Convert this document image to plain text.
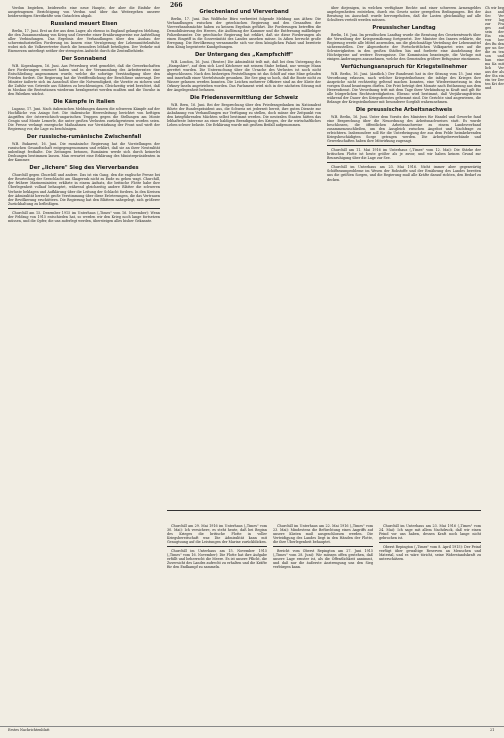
266

Verdun begieben, beiderselts eine neue Haupte, der aber die Einfuhr der ausgetragenen Berichtigung von Verdun und über das Weitergehen unserer beiderseitigen Streitkräfte sein Gutachten abgab.

Russland meuert Eisen

Berlin, 17. Juni. Erst an der aus dem Lager, als ebenso in England gelangten Meldung, die den Zusammenhang von Krieg und Gewerbe einer Ernährungsweise zur Aufstellung aller Verbindungen. Das Ergebnis der Verhandlungen über den Ausbau der schwerindustriellen Forderung im Innern eine Verzögerung der Lebensmittelzufuhr, wobei sich die Volksvertreter durch die besonders lebhaft beteiligten. Der Verkehr mit Eisenerzen unterliegt seither der strengsten Aufsicht durch die Zentralbehörde.

Der Sonnabend

W.B. Kopenhagen, 16. Juni. Aus Petersburg wird gemeldet, daß die Gewerkschaften ihre Forderungen erneuert haben und in der Versammlung des Arbeiterrates eine Entschließung angenommen wurde, welche die sofortige Verständigung über den Frieden fordert. Die Regierung hat die Veröffentlichung der Beschlüsse untersagt. Der Minister äußerte sich im Ausschuß über die Notwendigkeit, die Vorräte zu sichern und die Zufuhr von Getreide aus Sibirien zu beschleunigen. Gleichzeitig wird berichtet, daß in Moskau die Brotrationen wiederum herabgesetzt werden mußten und die Unruhe in den Fabriken wächst.

Die Kämpfe in Italien

Lugano, 17. Juni. Nach italienischen Meldungen dauern die schweren Kämpfe auf der Hochfläche von Asiago fort. Die italienische Heeresleitung berichtet von heftigen Angriffen der österreichisch-ungarischen Truppen gegen die Stellungen am Monte Cengio und Monte Lemerle, die unter großen Verlusten zurückgewiesen worden seien. Die Presse verlangt energische Maßnahmen zur Verstärkung der Front und wirft der Regierung vor, die Lage zu beschönigen.

Der russische-rumänische Zwischenfall

W.B. Bukarest, 16. Juni. Die rumänische Regierung hat die Vorstellungen der russischen Gesandtschaft entgegengenommen und erklärt, daß sie an ihrer Neutralität unbedingt festhalte. Die Zeitungen betonen, Rumänien werde sich durch keinerlei Drohungen bestimmen lassen. Man erwartet eine Erklärung des Ministerpräsidenten in der Kammer.

Der „lichere" Sieg des Vierverbandes

Churchill gegen Churchill und andere. Das ist ein Gang, den die englische Presse bei der Beurteilung der Seeschlacht am Skagerrak nicht zu Ende zu gehen wagt. Churchill, der frühere Marineminister, erklärte in einem Aufsatz, die britische Flotte habe ihre Überlegenheit vollauf behauptet, während gleichzeitig andere Blätter die schweren Verluste beklagen und Aufklärung über die Leitung der Schlacht fordern. In den Kreisen der Admiralität herrscht große Verstimmung über diese Erörterungen, die das Vertrauen der Bevölkerung erschüttern. Die Regierung hat den Blättern nahegelegt, sich größerer Zurückhaltung zu befleißigen.

Churchill am 15. Dezember 1915 im Unterhaus („Times" vom 16. November): Wenn der Feldzug von 1915 entschieden hat, so werden wir den Krieg noch lange fortsetzen müssen, und die Opfer, die uns auferlegt werden, übersteigen alles bisher Gekannte.

Griechenland und Vierverband

Berlin, 17. Juni. Das Wolffsche Büro verbreitet folgende Meldung aus Athen: Die Verhandlungen zwischen der griechischen Regierung und den Gesandten der Vierverbandsmächte haben zu keinem Ergebnis geführt. Die Forderungen betreffen die Demobilisierung des Heeres, die Auflösung der Kammer und die Entfernung mißliebiger Polizeibeamter. Die griechische Regierung hat erklärt, daß sie diese Forderungen als einen Eingriff in die Souveränität des Landes ansehen müsse. In Athen herrscht große Erregung. Die Bevölkerung versammelte sich vor dem königlichen Palast und bereitete dem König begeisterte Kundgebungen.

Der Untergang des „Kampfschiff"

W.B. London, 16. Juni. (Reuter.) Die Admiralität teilt mit, daß bei dem Untergang des „Hampshire", auf dem sich Lord Kitchener mit seinem Stabe befand, nur wenige Mann gerettet wurden. Die Untersuchung über die Ursache des Verlustes ist noch nicht abgeschlossen. Nach den bisherigen Feststellungen ist das Schiff auf eine Mine gelaufen und innerhalb einer Viertelstunde gesunken. Die See ging so hoch, daß die Boote nicht zu Wasser gelassen werden konnten. Die Leichen mehrerer Offiziere sind an der Küste der Orkney-Inseln angetrieben worden. Das Parlament wird sich in der nächsten Sitzung mit der Angelegenheit befassen.

Die Friedensvermittlung der Schweiz

W.B. Bern, 16. Juni. Bei der Besprechung über den Friedensgedanken im Nationalrat führte der Bundespräsident aus, die Schweiz sei jederzeit bereit, ihre guten Dienste zur Anbahnung von Verhandlungen zur Verfügung zu stellen, doch müsse der Zeitpunkt von den kriegführenden Mächten selbst bestimmt werden. Die neutralen Staaten hätten das lebhafteste Interesse an einer baldigen Beendigung des Krieges, der ihr wirtschaftliches Leben schwer belaste. Die Erklärung wurde mit großem Beifall aufgenommen.

über diejenigen, in welchen verfügbare Rechte und einer schweren Armengeldes angelegenheiten entstehen, durch ein Gesetz unter geregelten Bedingungen. Bei der Beratung im Ausschuß wurde hervorgehoben, daß die Lasten gleichmäßig auf alle Schultern verteilt werden müssen.

Preussischer Landtag

Berlin, 16. Juni. Im preußischen Landtag wurde die Beratung des Gesetzentwurfs über die Verwaltung der Kriegsernährung fortgesetzt. Der Minister des Innern erklärte, die Regierung werde alle Mittel anwenden, um die gleichmäßige Verteilung der Lebensmittel sicherzustellen. Der Abgeordnete der Fortschrittlichen Volkspartei wies auf die Schwierigkeiten in den großen Städten hin und forderte eine Ausdehnung der Höchstpreise auf weitere Erzeugnisse. Die Kommission beantragte, die Vorlage mit einigen Änderungen anzunehmen, welche den Gemeinden größere Befugnisse einräumen.

Verfüchungsanspruch für Kriegsteilnehmer

W.B. Berlin, 16. Juni. (Amtlich.) Der Bundesrat hat in der Sitzung vom 15. Juni eine Verordnung erlassen, nach welcher Kriegsteilnehmer, die infolge des Krieges ihre Ansprüche nicht rechtzeitig geltend machen konnten, eine Wiedereinsetzung in den vorigen Stand beantragen dürfen. Die Frist beträgt drei Monate nach Entlassung aus dem Heeresdienst. Die Verordnung tritt mit dem Tage ihrer Verkündung in Kraft und gilt für alle bürgerlichen Rechtsstreitigkeiten. Ebenso wird bestimmt, daß Verjährungsfristen während der Dauer des Kriegsdienstes gehemmt sind. Die Gerichte sind angewiesen, die Belange der Kriegsteilnehmer mit besonderer Sorgfalt wahrzunehmen.

Die preussische Arbeitsnachweis

W.B. Berlin, 16. Juni. Unter dem Vorsitz des Ministers für Handel und Gewerbe fand eine Besprechung über die Neuordnung des Arbeitsnachweises statt. Es wurde beschlossen, die öffentlichen Arbeitsnachweise zu einem Landesverband zusammenzuschließen, um den Ausgleich zwischen Angebot und Nachfrage zu erleichtern. Insbesondere soll für die Unterbringung der aus dem Felde heimkehrenden Kriegsbeschädigten Sorge getragen werden. Die Arbeitgeberverbände und Gewerkschaften haben ihre Mitwirkung zugesagt.

Churchill am 11. Mai 1916 im Unterhaus („Times" vom 12. Mai): Die Stärke der britischen Flotte ist heute größer als je zuvor, und wir haben keinen Grund zur Beunruhigung über die Lage zur See.

Churchill im Unterhaus am 23. Mai 1916. Nicht immer aber gegenwärtig Schiffsraumprobleme im Wesen der Rohstoffe und der Ernährung des Landes bereiten uns die größten Sorgen, und die Regierung muß alle Kräfte darauf richten, den Bedarf zu decken.

Ch wir beg Aus and Sec Ver wer lag zur Fra ges auf sein der Ein ein von ber des Bu den ger un Ser die zu ten son und han eine ma Ka mit lich Ver aus der als der Sta ein ein ter Der ten Kri der und

Churchill am 29. Mai 1916 im Unterhaus („Times" vom 30. Mai): Ich versichere, es steht heute, daß bei Beginn des Krieges die britische Flotte in voller Kriegsbereitschaft war. Die Admiralität kann mit Genugtuung auf die Leistungen der Marine zurückblicken.

Churchill im Unterhaus am 15. November 1915 („Times" vom 16. November): Die Flotte hat ihre Aufgabe erfüllt und beherrscht die Meere. Es ist unsere Pflicht, die Zuversicht des Landes aufrecht zu erhalten und die Kräfte für den Endkampf zu sammeln.

Churchill im Unterhaus am 22. Mai 1916 („Times" vom 23. Mai): Mindestens die Befürchtung eines Angriffs auf unsere Küsten muß ausgeschlossen werden. Die Verteidigung des Landes liegt in den Händen der Flotte, die ihre Überlegenheit behauptet.

Bericht vom Oberst Repington am 27. Juni 1915 („Times" vom 28. Juni): Wir müssen offen gestehen, daß unsere Lage ernster ist, als die Öffentlichkeit annimmt, und daß nur die äußerste Anstrengung uns den Sieg verbürgen kann.

Churchill im Unterhaus am 23. Mai 1916 („Times" vom 24. Mai): Ich sage mit allem Nachdruck, daß wir einen Feind vor uns haben, dessen Kraft noch lange nicht gebrochen ist.

Oberst Repington („Times" vom 8. April 1915): Der Feind verfügt über gewaltige Reserven an Menschen und Material, und es wäre töricht, seine Widerstandskraft zu unterschätzen.

Erstes Nachrichtenblatt	21
